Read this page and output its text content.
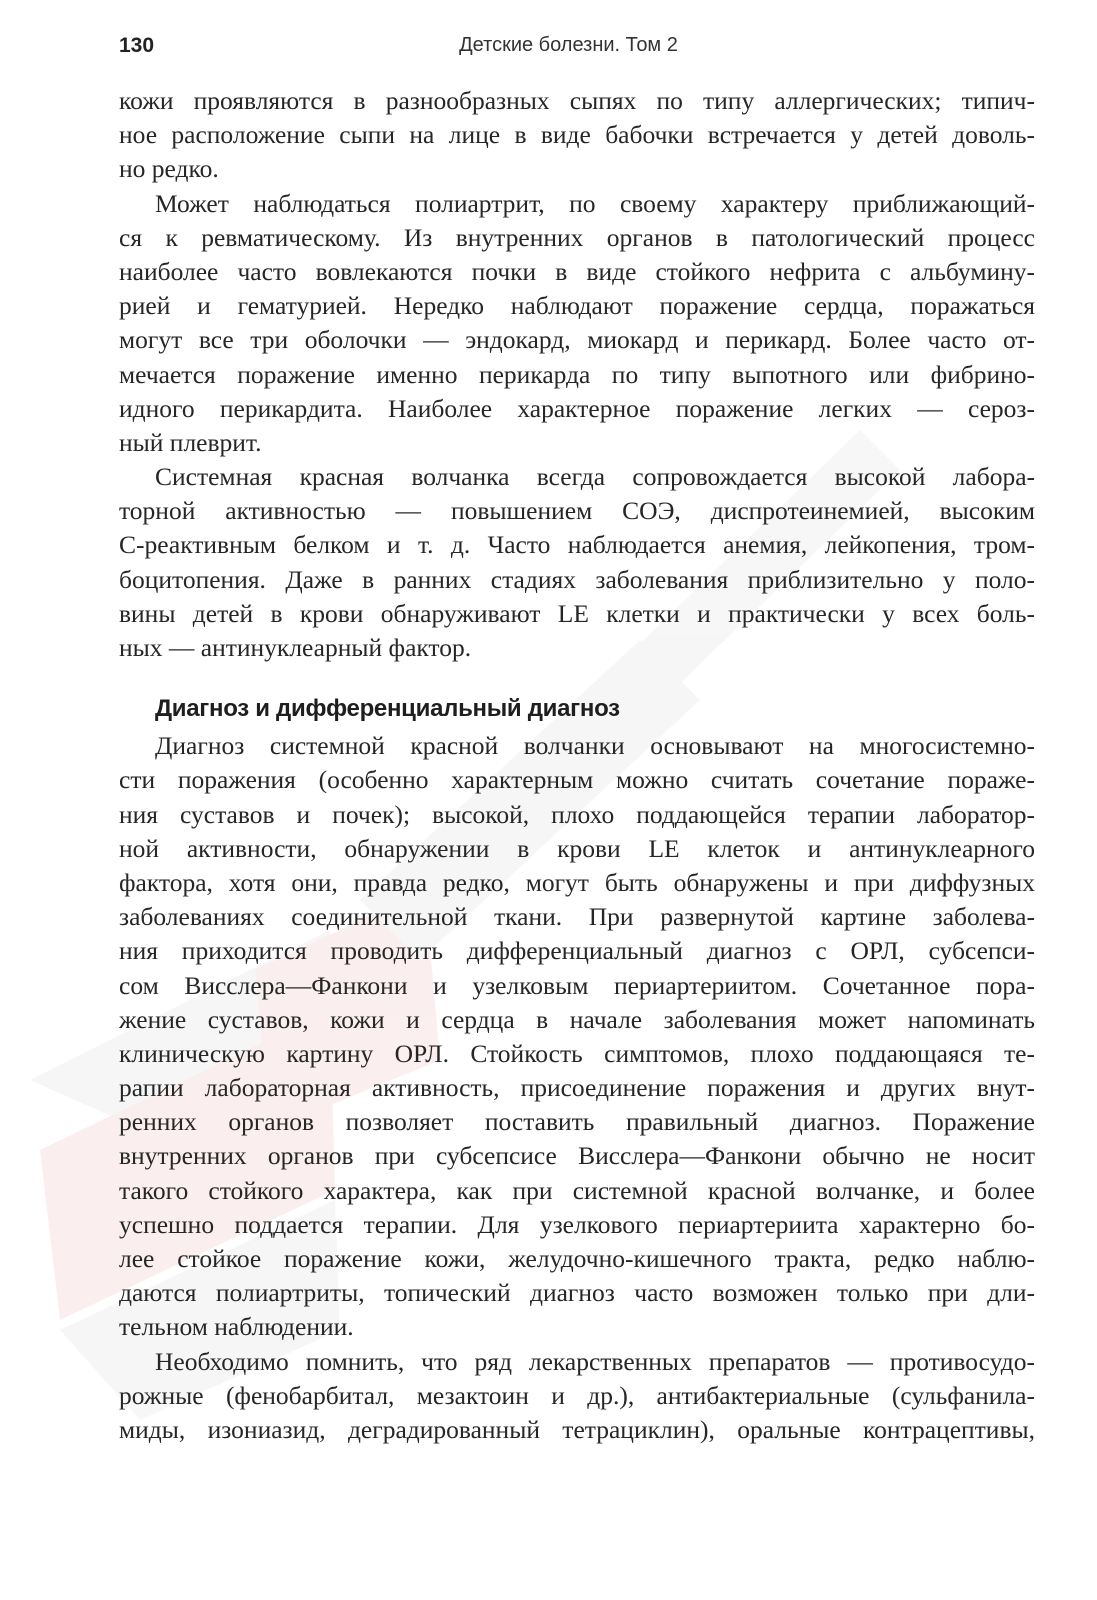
130	Детские болезни. Том 2
кожи проявляются в разнообразных сыпях по типу аллергических; типич-
ное расположение сыпи на лице в виде бабочки встречается у детей доволь-
но редко.
Может наблюдаться полиартрит, по своему характеру приближающий-
ся к ревматическому. Из внутренних органов в патологический процесс
наиболее часто вовлекаются почки в виде стойкого нефрита с альбумину-
рией и гематурией. Нередко наблюдают поражение сердца, поражаться
могут все три оболочки — эндокард, миокард и перикард. Более часто от-
мечается поражение именно перикарда по типу выпотного или фибрино-
идного перикардита. Наиболее характерное поражение легких — сероз-
ный плеврит.
Системная красная волчанка всегда сопровождается высокой лабора-
торной активностью — повышением СОЭ, диспротеинемией, высоким
С-реактивным белком и т. д. Часто наблюдается анемия, лейкопения, тром-
боцитопения. Даже в ранних стадиях заболевания приблизительно у поло-
вины детей в крови обнаруживают LE клетки и практически у всех боль-
ных — антинуклеарный фактор.
Диагноз и дифференциальный диагноз
Диагноз системной красной волчанки основывают на многосистемно-
сти поражения (особенно характерным можно считать сочетание пораже-
ния суставов и почек); высокой, плохо поддающейся терапии лаборатор-
ной активности, обнаружении в крови LE клеток и антинуклеарного
фактора, хотя они, правда редко, могут быть обнаружены и при диффузных
заболеваниях соединительной ткани. При развернутой картине заболева-
ния приходится проводить дифференциальный диагноз с ОРЛ, субсепси-
сом Висслера—Фанкони и узелковым периартериитом. Сочетанное пора-
жение суставов, кожи и сердца в начале заболевания может напоминать
клиническую картину ОРЛ. Стойкость симптомов, плохо поддающаяся те-
рапии лабораторная активность, присоединение поражения и других внут-
ренних органов позволяет поставить правильный диагноз. Поражение
внутренних органов при субсепсисе Висслера—Фанкони обычно не носит
такого стойкого характера, как при системной красной волчанке, и более
успешно поддается терапии. Для узелкового периартериита характерно бо-
лее стойкое поражение кожи, желудочно-кишечного тракта, редко наблю-
даются полиартриты, топический диагноз часто возможен только при дли-
тельном наблюдении.
Необходимо помнить, что ряд лекарственных препаратов — противосудо-
рожные (фенобарбитал, мезактоин и др.), антибактериальные (сульфанила-
миды, изониазид, деградированный тетрациклин), оральные контрацептивы,
